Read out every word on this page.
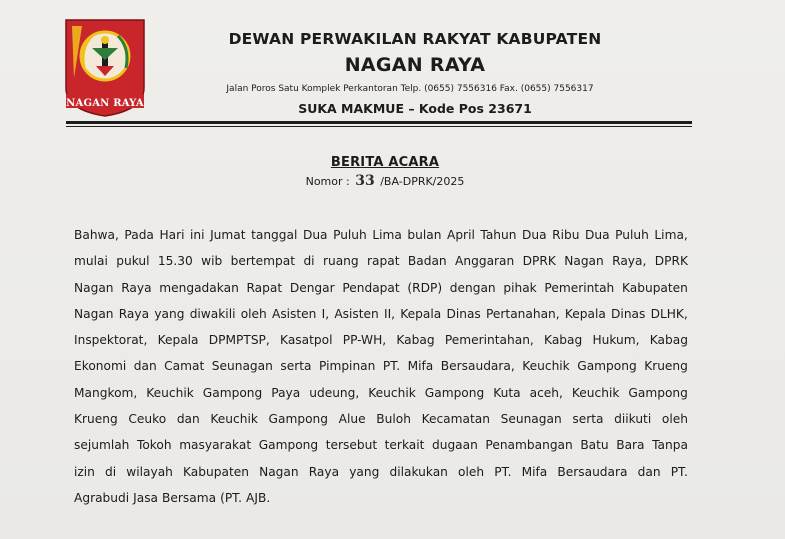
NAGAN RAYA
DEWAN PERWAKILAN RAKYAT KABUPATEN
NAGAN RAYA
Jalan Poros Satu Komplek Perkantoran Telp. (0655) 7556316 Fax. (0655) 7556317
SUKA MAKMUE – Kode Pos 23671
BERITA ACARA
Nomor : 33 /BA-DPRK/2025
Bahwa, Pada Hari ini Jumat tanggal Dua Puluh Lima bulan April Tahun Dua Ribu Dua Puluh Lima,
mulai pukul 15.30 wib bertempat di ruang rapat Badan Anggaran DPRK Nagan Raya, DPRK
Nagan Raya mengadakan Rapat Dengar Pendapat (RDP) dengan pihak Pemerintah Kabupaten
Nagan Raya yang diwakili oleh Asisten I, Asisten II, Kepala Dinas Pertanahan, Kepala Dinas DLHK,
Inspektorat, Kepala DPMPTSP, Kasatpol PP-WH, Kabag Pemerintahan, Kabag Hukum, Kabag
Ekonomi dan Camat Seunagan serta Pimpinan PT. Mifa Bersaudara, Keuchik Gampong Krueng
Mangkom, Keuchik Gampong Paya udeung, Keuchik Gampong Kuta aceh, Keuchik Gampong
Krueng Ceuko dan Keuchik Gampong Alue Buloh Kecamatan Seunagan serta diikuti oleh
sejumlah Tokoh masyarakat Gampong tersebut terkait dugaan Penambangan Batu Bara Tanpa
izin di wilayah Kabupaten Nagan Raya yang dilakukan oleh PT. Mifa Bersaudara dan PT.
Agrabudi Jasa Bersama (PT. AJB.
